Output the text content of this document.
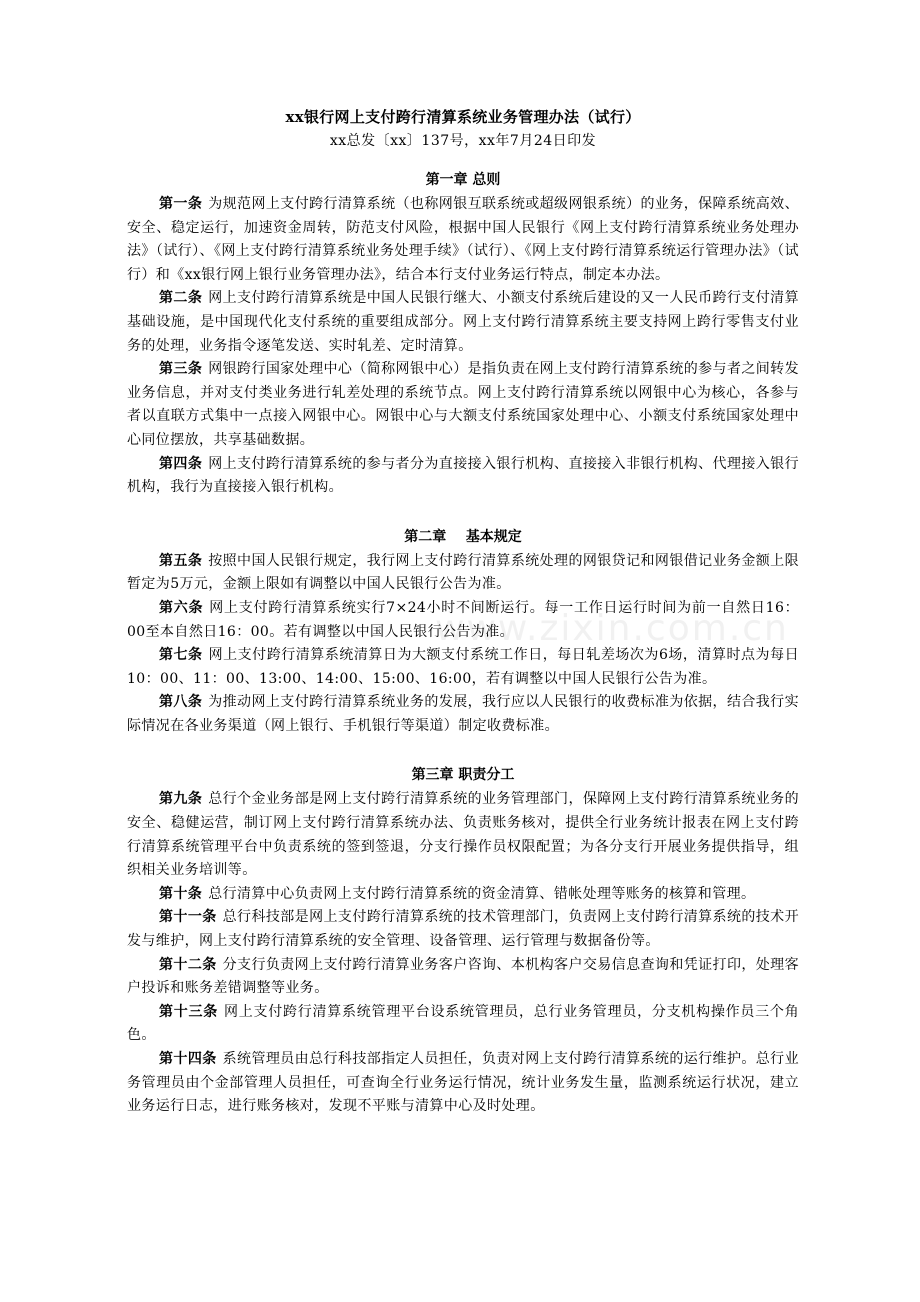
www.zixin.com.cn
xx银行网上支付跨行清算系统业务管理办法（试行）

xx总发〔xx〕137号，xx年7月24日印发

第一章 总则

第一条 为规范网上支付跨行清算系统（也称网银互联系统或超级网银系统）的业务，保障系统高效、安全、稳定运行，加速资金周转，防范支付风险，根据中国人民银行《网上支付跨行清算系统业务处理办法》（试行）、《网上支付跨行清算系统业务处理手续》（试行）、《网上支付跨行清算系统运行管理办法》（试行）和《xx银行网上银行业务管理办法》，结合本行支付业务运行特点，制定本办法。

第二条 网上支付跨行清算系统是中国人民银行继大、小额支付系统后建设的又一人民币跨行支付清算基础设施，是中国现代化支付系统的重要组成部分。网上支付跨行清算系统主要支持网上跨行零售支付业务的处理，业务指令逐笔发送、实时轧差、定时清算。

第三条 网银跨行国家处理中心（简称网银中心）是指负责在网上支付跨行清算系统的参与者之间转发业务信息，并对支付类业务进行轧差处理的系统节点。网上支付跨行清算系统以网银中心为核心，各参与者以直联方式集中一点接入网银中心。网银中心与大额支付系统国家处理中心、小额支付系统国家处理中心同位摆放，共享基础数据。

第四条 网上支付跨行清算系统的参与者分为直接接入银行机构、直接接入非银行机构、代理接入银行机构，我行为直接接入银行机构。

第二章    基本规定

第五条 按照中国人民银行规定，我行网上支付跨行清算系统处理的网银贷记和网银借记业务金额上限暂定为5万元，金额上限如有调整以中国人民银行公告为准。

第六条 网上支付跨行清算系统实行7×24小时不间断运行。每一工作日运行时间为前一自然日16：00至本自然日16：00。若有调整以中国人民银行公告为准。

第七条 网上支付跨行清算系统清算日为大额支付系统工作日，每日轧差场次为6场，清算时点为每日10：00、11：00、13:00、14:00、15:00、16:00，若有调整以中国人民银行公告为准。

第八条 为推动网上支付跨行清算系统业务的发展，我行应以人民银行的收费标准为依据，结合我行实际情况在各业务渠道（网上银行、手机银行等渠道）制定收费标准。

第三章 职责分工

第九条 总行个金业务部是网上支付跨行清算系统的业务管理部门，保障网上支付跨行清算系统业务的安全、稳健运营，制订网上支付跨行清算系统办法、负责账务核对，提供全行业务统计报表在网上支付跨行清算系统管理平台中负责系统的签到签退，分支行操作员权限配置；为各分支行开展业务提供指导，组织相关业务培训等。

第十条 总行清算中心负责网上支付跨行清算系统的资金清算、错帐处理等账务的核算和管理。

第十一条 总行科技部是网上支付跨行清算系统的技术管理部门，负责网上支付跨行清算系统的技术开发与维护，网上支付跨行清算系统的安全管理、设备管理、运行管理与数据备份等。

第十二条 分支行负责网上支付跨行清算业务客户咨询、本机构客户交易信息查询和凭证打印，处理客户投诉和账务差错调整等业务。

第十三条 网上支付跨行清算系统管理平台设系统管理员，总行业务管理员，分支机构操作员三个角色。

第十四条 系统管理员由总行科技部指定人员担任，负责对网上支付跨行清算系统的运行维护。总行业务管理员由个金部管理人员担任，可查询全行业务运行情况，统计业务发生量，监测系统运行状况，建立业务运行日志，进行账务核对，发现不平账与清算中心及时处理。
